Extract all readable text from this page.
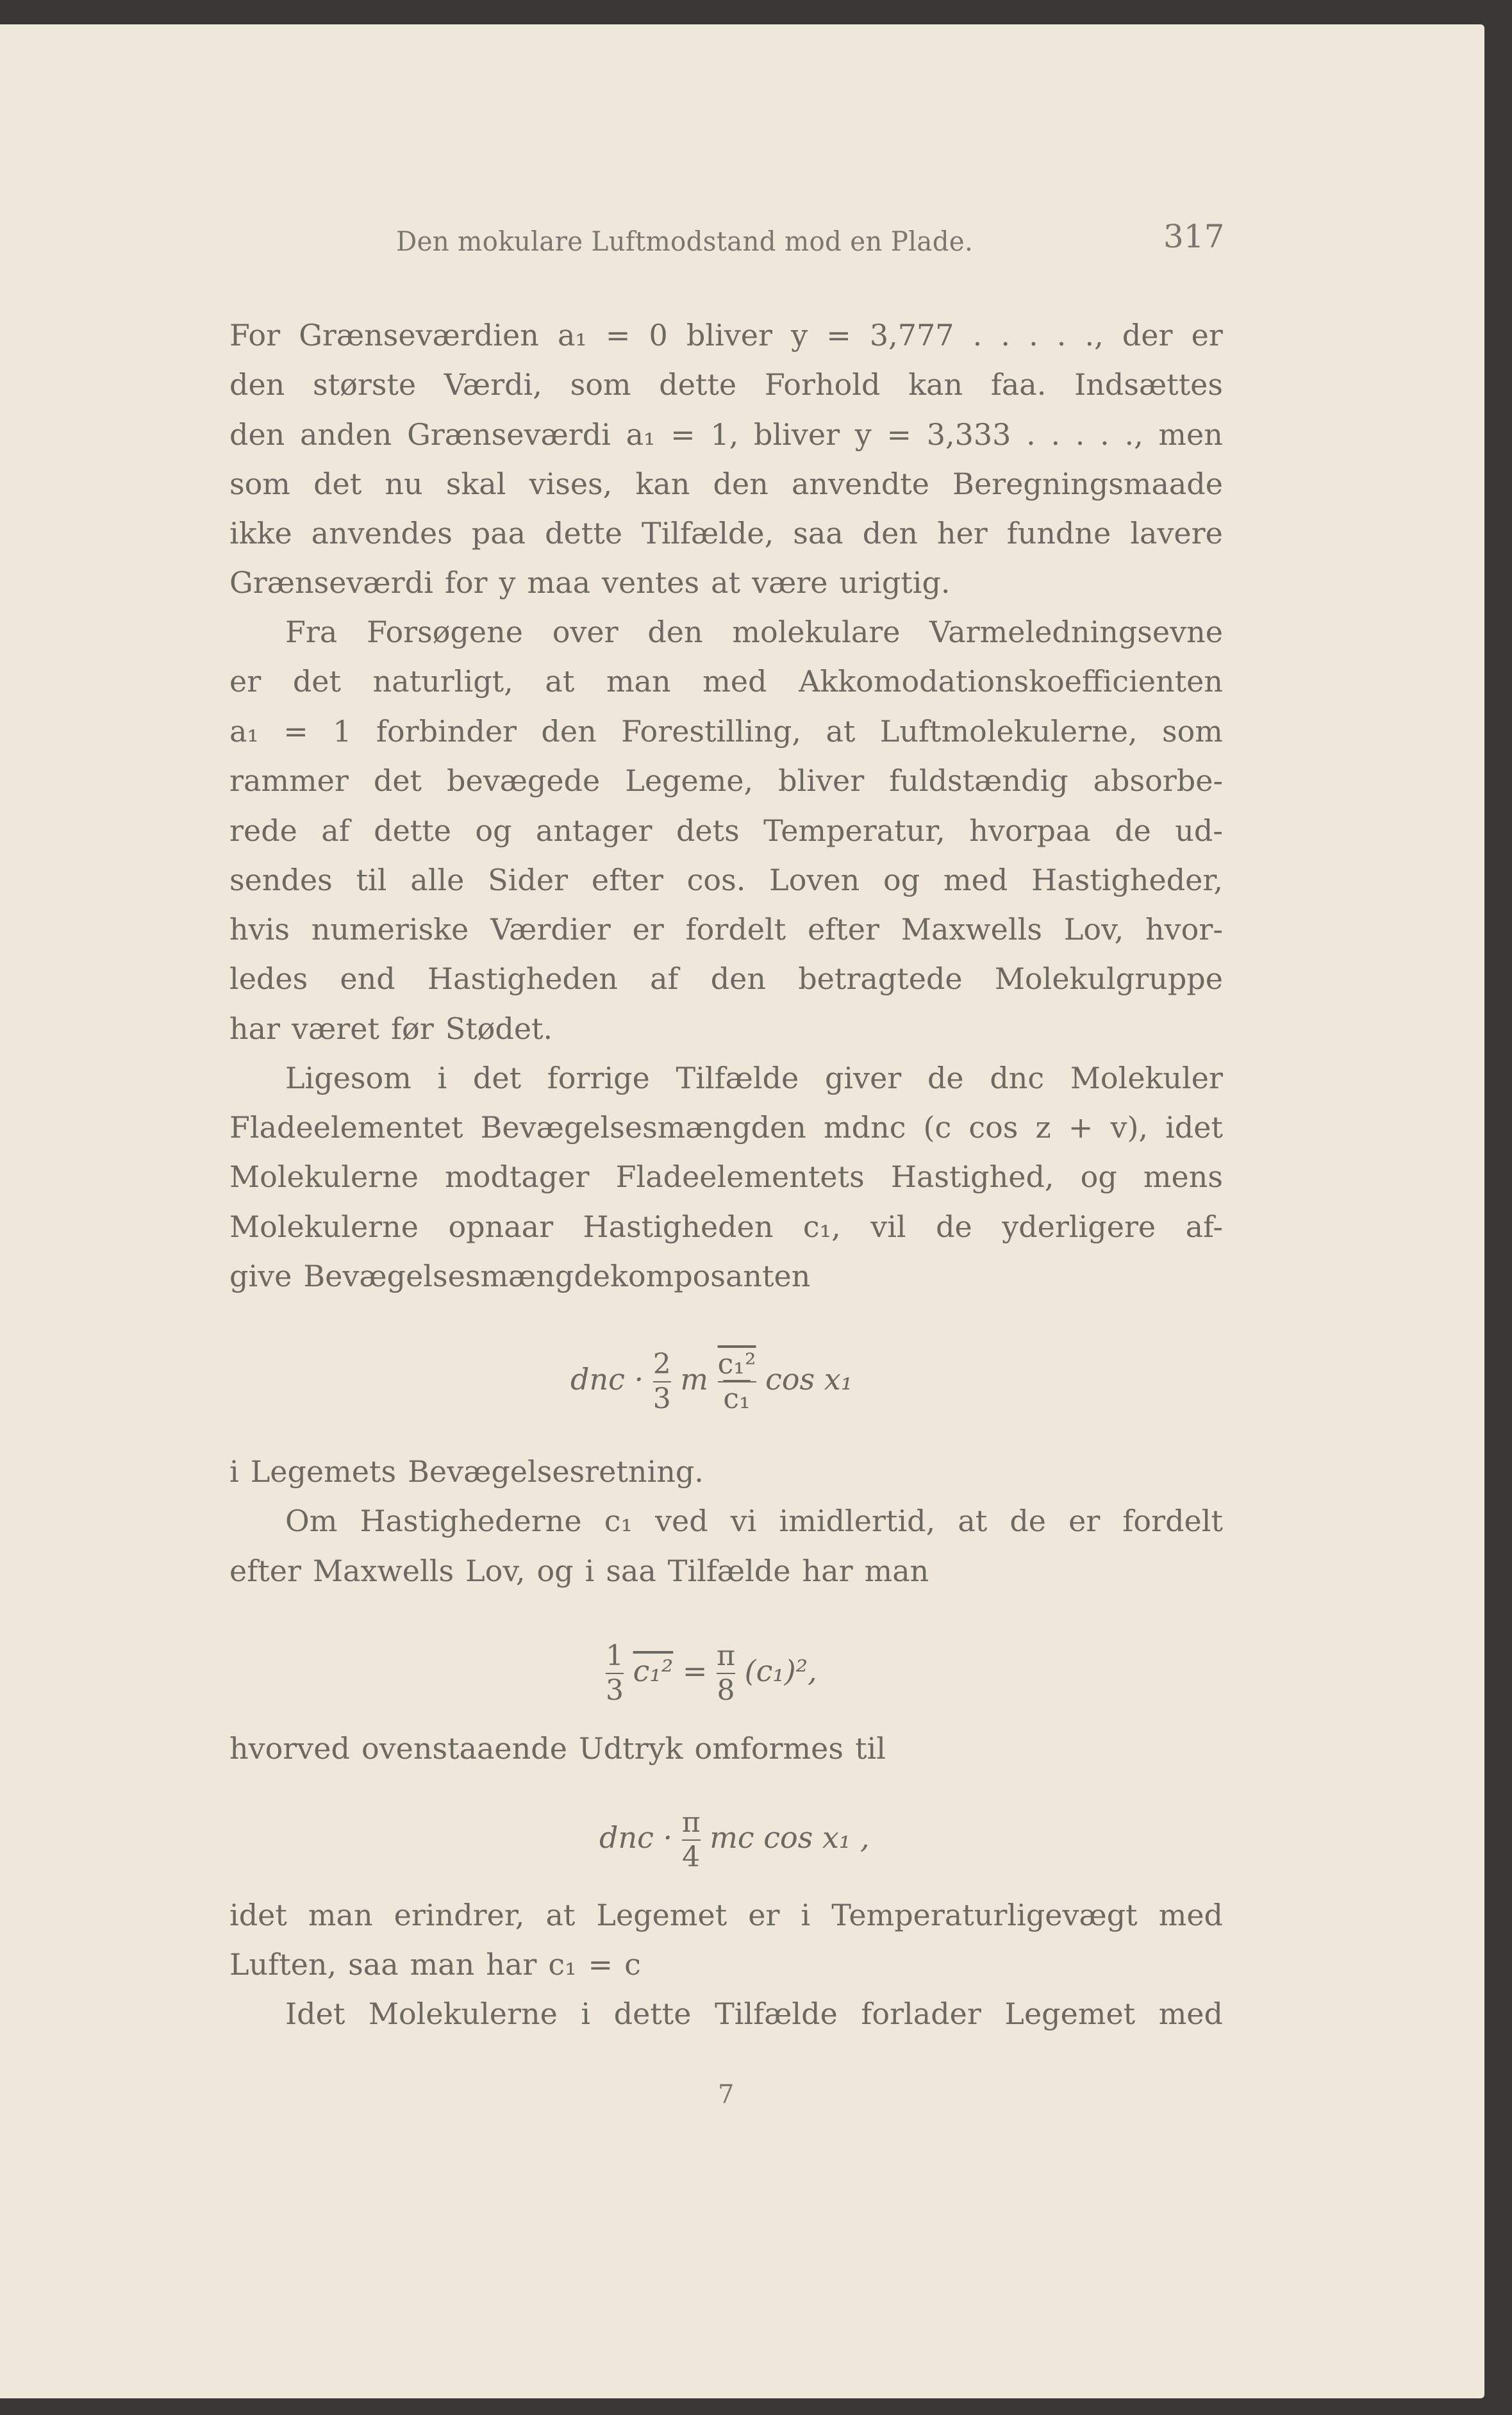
Den mokulare Luftmodstand mod en Plade.	317
For Grænseværdien a₁ = 0 bliver y = 3,777 . . . . ., der er
den største Værdi, som dette Forhold kan faa. Indsættes
den anden Grænseværdi a₁ = 1, bliver y = 3,333 . . . . ., men
som det nu skal vises, kan den anvendte Beregningsmaade
ikke anvendes paa dette Tilfælde, saa den her fundne lavere
Grænseværdi for y maa ventes at være urigtig.
Fra Forsøgene over den molekulare Varmeledningsevne
er det naturligt, at man med Akkomodationskoefficienten
a₁ = 1 forbinder den Forestilling, at Luftmolekulerne, som
rammer det bevægede Legeme, bliver fuldstændig absorbe-
rede af dette og antager dets Temperatur, hvorpaa de ud-
sendes til alle Sider efter cos. Loven og med Hastigheder,
hvis numeriske Værdier er fordelt efter Maxwells Lov, hvor-
ledes end Hastigheden af den betragtede Molekulgruppe
har været før Stødet.
Ligesom i det forrige Tilfælde giver de dnc Molekuler
Fladeelementet Bevægelsesmængden mdnc (c cos z + v), idet
Molekulerne modtager Fladeelementets Hastighed, og mens
Molekulerne opnaar Hastigheden c₁, vil de yderligere af-
give Bevægelsesmængdekomposanten
i Legemets Bevægelsesretning.
Om Hastighederne c₁ ved vi imidlertid, at de er fordelt
efter Maxwells Lov, og i saa Tilfælde har man
hvorved ovenstaaende Udtryk omformes til
idet man erindrer, at Legemet er i Temperaturligevægt med
Luften, saa man har c₁ = c
Idet Molekulerne i dette Tilfælde forlader Legemet med
dnc · $\frac{2}{3}$ m $\frac{\text{c₁²}}{\text{c₁}}$ cos x₁
$\frac{1}{3} c_1^2 = \frac{\pi}{8} (c_1)^2$,
dnc · $\frac{\pi}{4}$ mc cos x₁ ,
7
